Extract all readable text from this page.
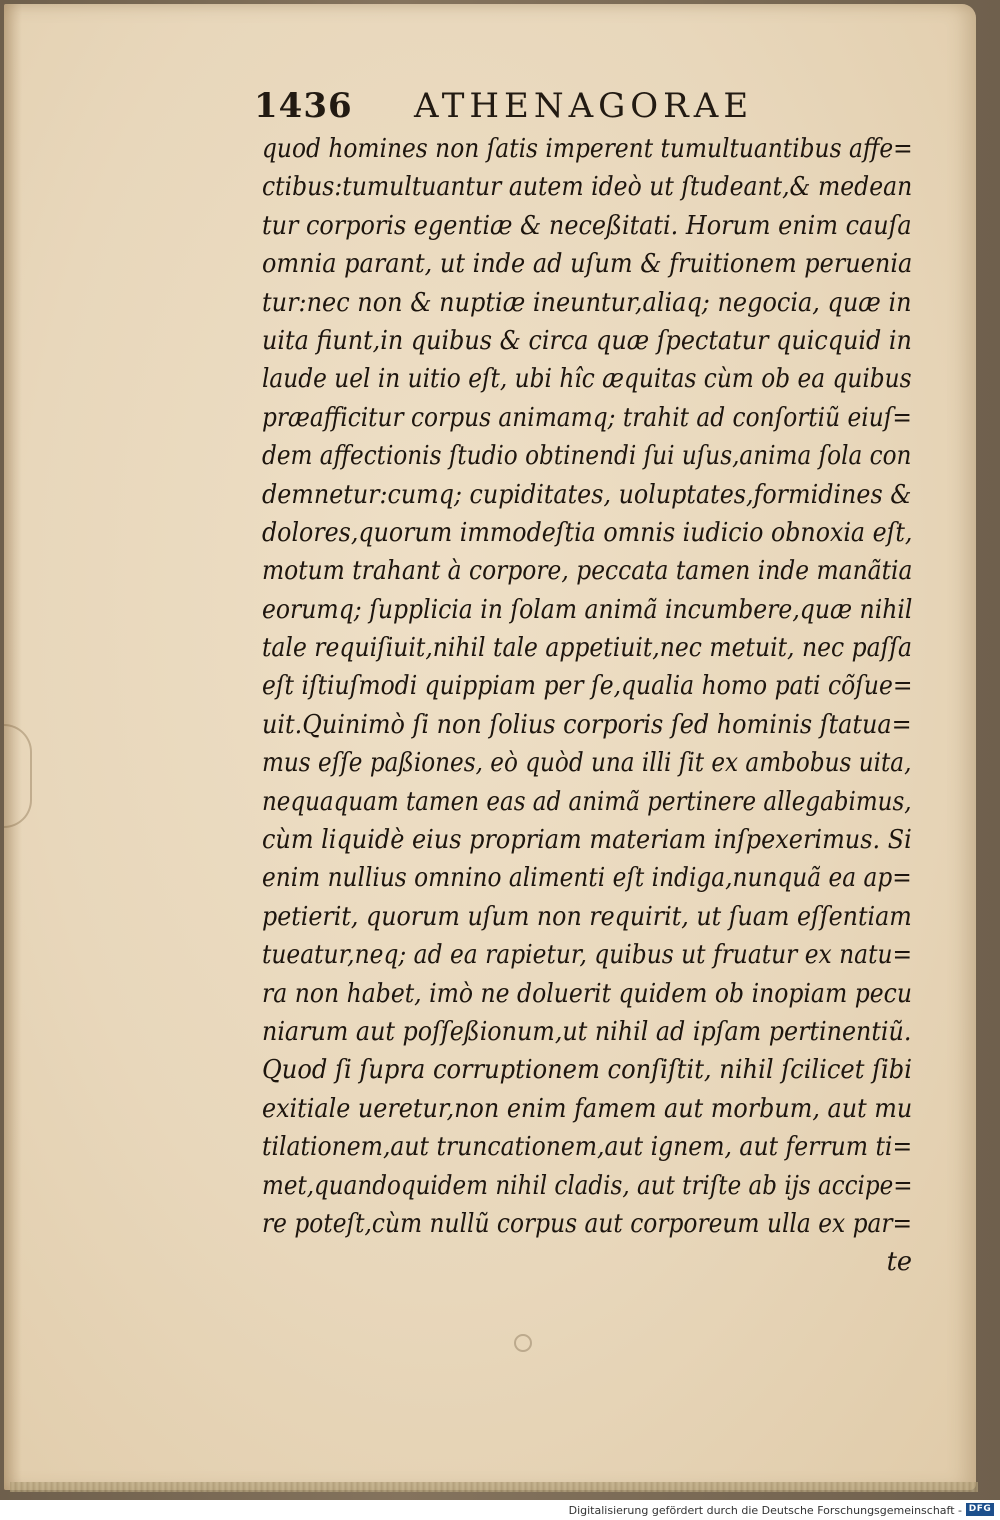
1436 ATHENAGORAE
quod homines non ſatis imperent tumultuantibus affe=
ctibus:tumultuantur autem ideò ut ſtudeant,& medean
tur corporis egentiæ & neceßitati. Horum enim cauſa
omnia parant, ut inde ad uſum & fruitionem peruenia
tur:nec non & nuptiæ ineuntur,aliaq; negocia, quæ in
uita fiunt,in quibus & circa quæ ſpectatur quicquid in
laude uel in uitio eſt, ubi hîc æquitas cùm ob ea quibus
præafficitur corpus animamq; trahit ad conſortiũ eiuſ=
dem affectionis ſtudio obtinendi ſui uſus,anima ſola con
demnetur:cumq; cupiditates, uoluptates,formidines &
dolores,quorum immodeſtia omnis iudicio obnoxia eſt,
motum trahant à corpore, peccata tamen inde manãtia
eorumq; ſupplicia in ſolam animã incumbere,quæ nihil
tale requiſiuit,nihil tale appetiuit,nec metuit, nec paſſa
eſt iſtiuſmodi quippiam per ſe,qualia homo pati cõſue=
uit.Quinimò ſi non ſolius corporis ſed hominis ſtatua=
mus eſſe paßiones, eò quòd una illi ſit ex ambobus uita,
nequaquam tamen eas ad animã pertinere allegabimus,
cùm liquidè eius propriam materiam inſpexerimus. Si
enim nullius omnino alimenti eſt indiga,nunquã ea ap=
petierit, quorum uſum non requirit, ut ſuam eſſentiam
tueatur,neq; ad ea rapietur, quibus ut fruatur ex natu=
ra non habet, imò ne doluerit quidem ob inopiam pecu
niarum aut poſſeßionum,ut nihil ad ipſam pertinentiũ.
Quod ſi ſupra corruptionem conſiſtit, nihil ſcilicet ſibi
exitiale ueretur,non enim famem aut morbum, aut mu
tilationem,aut truncationem,aut ignem, aut ferrum ti=
met,quandoquidem nihil cladis, aut triſte ab ijs accipe=
re poteſt,cùm nullũ corpus aut corporeum ulla ex par=
te
Digitalisierung gefördert durch die Deutsche Forschungsgemeinschaft - DFG
